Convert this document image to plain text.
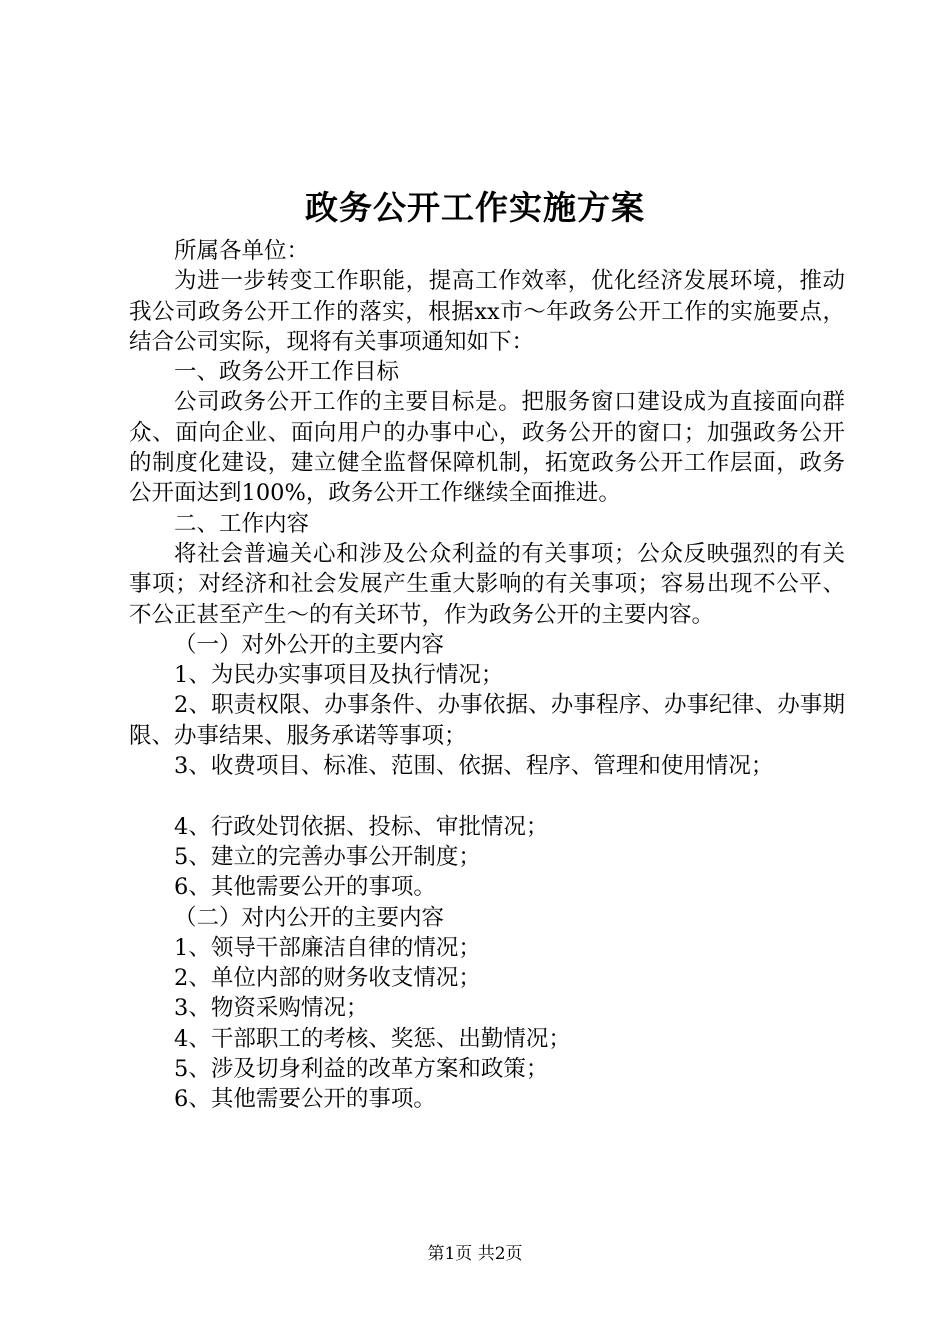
政务公开工作实施方案

所属各单位：

为进一步转变工作职能，提高工作效率，优化经济发展环境，推动我公司政务公开工作的落实，根据xx市～年政务公开工作的实施要点，结合公司实际，现将有关事项通知如下：

一、政务公开工作目标

公司政务公开工作的主要目标是。把服务窗口建设成为直接面向群众、面向企业、面向用户的办事中心，政务公开的窗口；加强政务公开的制度化建设，建立健全监督保障机制，拓宽政务公开工作层面，政务公开面达到100%，政务公开工作继续全面推进。

二、工作内容

将社会普遍关心和涉及公众利益的有关事项；公众反映强烈的有关事项；对经济和社会发展产生重大影响的有关事项；容易出现不公平、不公正甚至产生～的有关环节，作为政务公开的主要内容。

（一）对外公开的主要内容

1、为民办实事项目及执行情况；

2、职责权限、办事条件、办事依据、办事程序、办事纪律、办事期限、办事结果、服务承诺等事项；

3、收费项目、标准、范围、依据、程序、管理和使用情况；

4、行政处罚依据、投标、审批情况；

5、建立的完善办事公开制度；

6、其他需要公开的事项。

（二）对内公开的主要内容

1、领导干部廉洁自律的情况；

2、单位内部的财务收支情况；

3、物资采购情况；

4、干部职工的考核、奖惩、出勤情况；

5、涉及切身利益的改革方案和政策；

6、其他需要公开的事项。

第1页 共2页
